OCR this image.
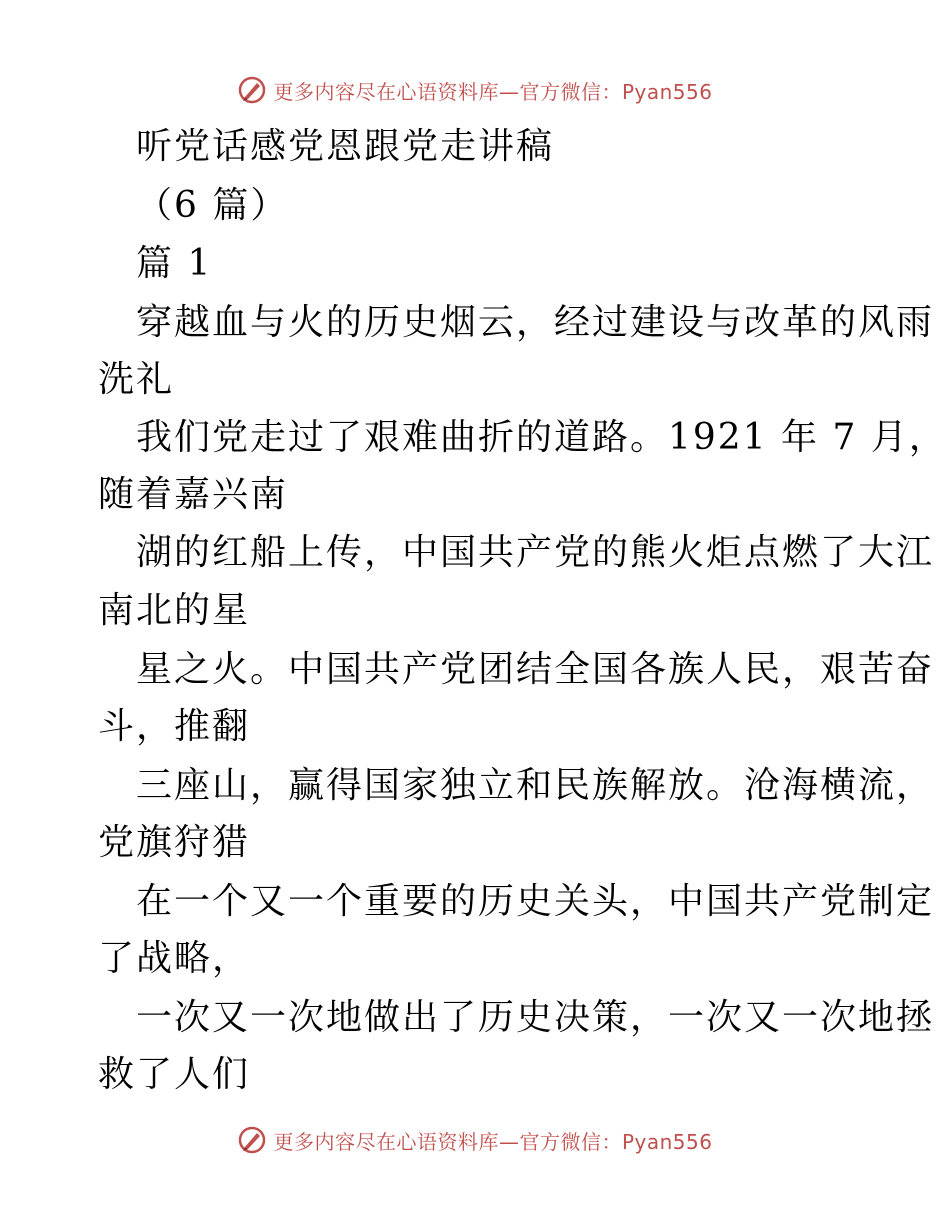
更多内容尽在心语资料库—官方微信：Pyan556
听党话感党恩跟党走讲稿
（6 篇）
篇 1
穿越血与火的历史烟云，经过建设与改革的风雨
洗礼
我们党走过了艰难曲折的道路。1921 年 7 月，
随着嘉兴南
湖的红船上传，中国共产党的熊火炬点燃了大江
南北的星
星之火。中国共产党团结全国各族人民，艰苦奋
斗，推翻
三座山，赢得国家独立和民族解放。沧海横流，
党旗狩猎
在一个又一个重要的历史关头，中国共产党制定
了战略，
一次又一次地做出了历史决策，一次又一次地拯
救了人们
更多内容尽在心语资料库—官方微信：Pyan556
